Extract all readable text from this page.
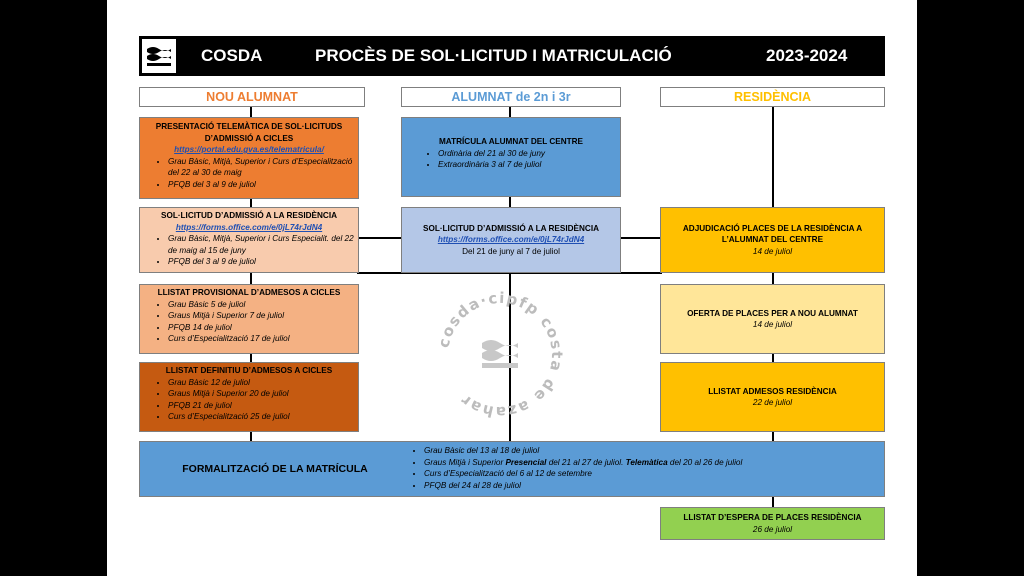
COSDA	PROCÈS DE SOL·LICITUD I MATRICULACIÓ	2023-2024
NOU ALUMNAT	ALUMNAT de 2n i 3r	RESIDÈNCIA
PRESENTACIÓ TELEMÀTICA DE SOL·LICITUDS D’ADMISSIÓ A CICLES
https://portal.edu.gva.es/telematricula/
• Grau Bàsic, Mitjà, Superior i Curs d’Especialització del 22 al 30 de maig
• PFQB del 3 al 9 de juliol
SOL·LICITUD D’ADMISSIÓ A LA RESIDÈNCIA
https://forms.office.com/e/0jL74rJdN4
• Grau Bàsic, Mitjà, Superior i Curs Especialit. del 22 de maig al 15 de juny
• PFQB del 3 al 9 de juliol
LLISTAT PROVISIONAL D’ADMESOS A CICLES
• Grau Bàsic 5 de juliol
• Graus Mitjà i Superior 7 de juliol
• PFQB 14 de juliol
• Curs d’Especialització 17 de juliol
LLISTAT DEFINITIU D’ADMESOS A CICLES
• Grau Bàsic 12 de juliol
• Graus Mitjà i Superior 20 de juliol
• PFQB 21 de juliol
• Curs d’Especialització 25 de juliol
MATRÍCULA ALUMNAT DEL CENTRE
• Ordinària del 21 al 30 de juny
• Extraordinària 3 al 7 de juliol
SOL·LICITUD D’ADMISSIÓ A LA RESIDÈNCIA
https://forms.office.com/e/0jL74rJdN4
Del 21 de juny al 7 de juliol
ADJUDICACIÓ PLACES DE LA RESIDÈNCIA A L’ALUMNAT DEL CENTRE
14 de juliol
OFERTA DE PLACES PER A NOU ALUMNAT
14 de juliol
LLISTAT ADMESOS RESIDÈNCIA
22 de juliol
LLISTAT D’ESPERA DE PLACES RESIDÈNCIA
26 de juliol
FORMALITZACIÓ DE LA MATRÍCULA
• Grau Bàsic del 13 al 18 de juliol
• Graus Mitjà i Superior Presencial del 21 al 27 de juliol. Telemàtica del 20 al 26 de juliol
• Curs d’Especialització del 6 al 12 de setembre
• PFQB del 24 al 28 de juliol
cosda·cipfp costa de azahar
